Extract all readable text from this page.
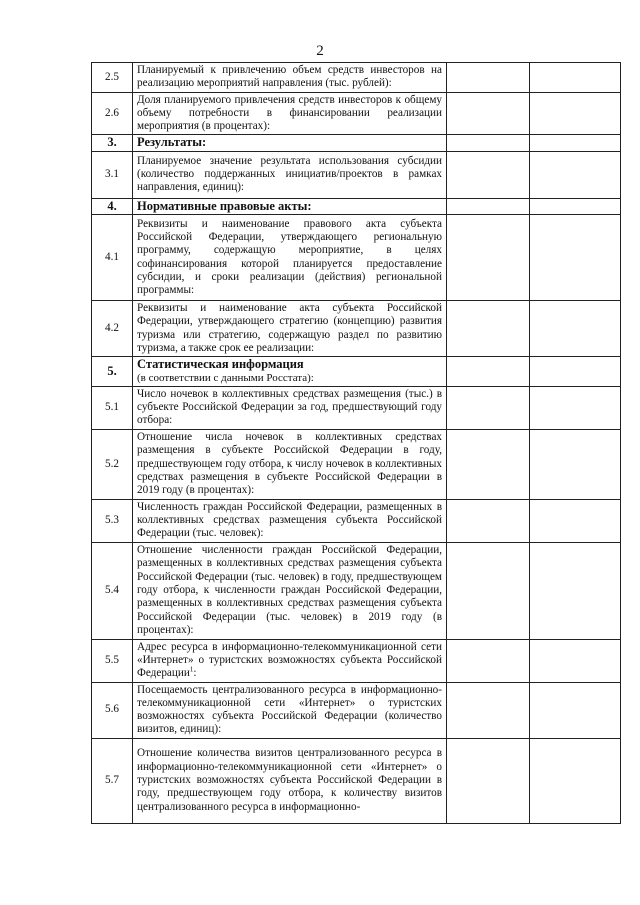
2
2.5	Планируемый к привлечению объем средств инвесторов на реализацию мероприятий направления (тыс. рублей):		
2.6	Доля планируемого привлечения средств инвесторов к общему объему потребности в финансировании реализации мероприятия (в процентах):		
3.	Результаты:		
3.1	Планируемое значение результата использования субсидии (количество поддержанных инициатив/проектов в рамках направления, единиц):		
4.	Нормативные правовые акты:		
4.1	Реквизиты и наименование правового акта субъекта Российской Федерации, утверждающего региональную программу, содержащую мероприятие, в целях софинансирования которой планируется предоставление субсидии, и сроки реализации (действия) региональной программы:		
4.2	Реквизиты и наименование акта субъекта Российской Федерации, утверждающего стратегию (концепцию) развития туризма или стратегию, содержащую раздел по развитию туризма, а также срок ее реализации:		
5.	Статистическая информация
(в соответствии с данными Росстата):		

5.1	Число ночевок в коллективных средствах размещения (тыс.) в субъекте Российской Федерации за год, предшествующий году отбора:		
5.2	Отношение числа ночевок в коллективных средствах размещения в субъекте Российской Федерации в году, предшествующем году отбора, к числу ночевок в коллективных средствах размещения в субъекте Российской Федерации в 2019 году (в процентах):		
5.3	Численность граждан Российской Федерации, размещенных в коллективных средствах размещения субъекта Российской Федерации (тыс. человек):		
5.4	Отношение численности граждан Российской Федерации, размещенных в коллективных средствах размещения субъекта Российской Федерации (тыс. человек) в году, предшествующем году отбора, к численности граждан Российской Федерации, размещенных в коллективных средствах размещения субъекта Российской Федерации (тыс. человек) в 2019 году (в процентах):		
5.5	Адрес ресурса в информационно-телекоммуникационной сети «Интернет» о туристских возможностях субъекта Российской Федерации$^1$:		
5.6	Посещаемость централизованного ресурса в информационно-телекоммуникационной сети «Интернет» о туристских возможностях субъекта Российской Федерации (количество визитов, единиц):		
5.7	Отношение количества визитов централизованного ресурса в информационно-телекоммуникационной сети «Интернет» о туристских возможностях субъекта Российской Федерации в году, предшествующем году отбора, к количеству визитов централизованного ресурса в информационно-		
